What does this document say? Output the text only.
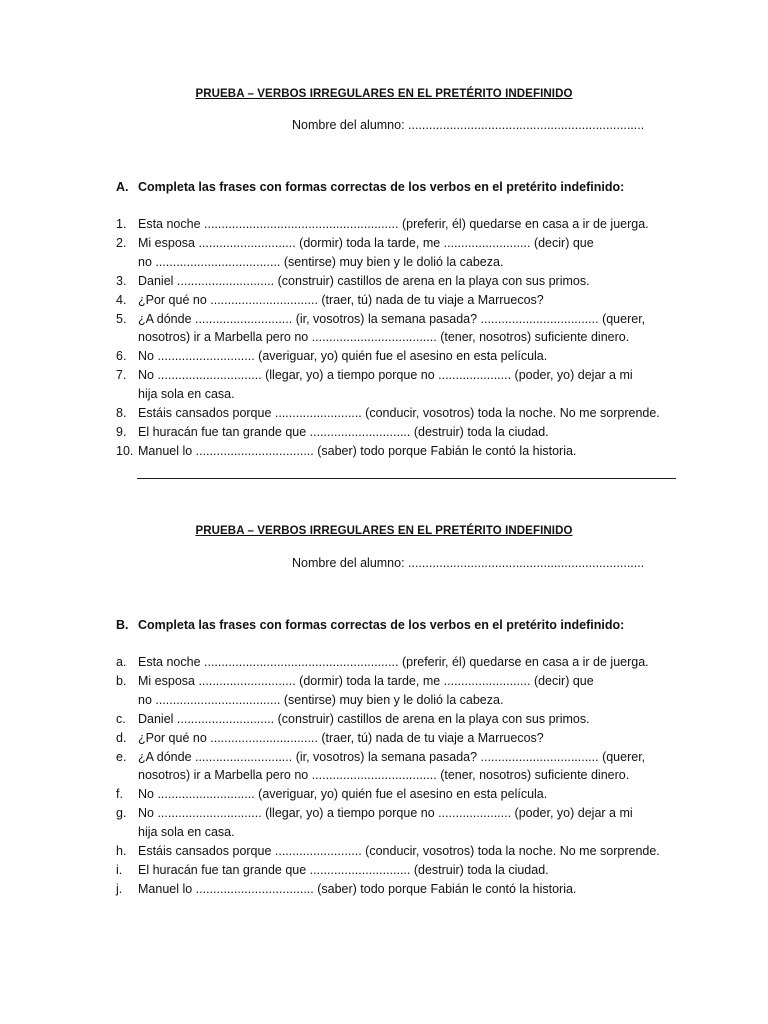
PRUEBA – VERBOS IRREGULARES EN EL PRETÉRITO INDEFINIDO
Nombre del alumno: ....................................................................
A. Completa las frases con formas correctas de los verbos en el pretérito indefinido:
1. Esta noche ........................................................ (preferir, él) quedarse en casa a ir de juerga.
2. Mi esposa ............................ (dormir) toda la tarde, me ......................... (decir) que
no .................................... (sentirse) muy bien y le dolió la cabeza.
3. Daniel ............................ (construir) castillos de arena en la playa con sus primos.
4. ¿Por qué no ............................... (traer, tú) nada de tu viaje a Marruecos?
5. ¿A dónde ............................ (ir, vosotros) la semana pasada? .................................. (querer,
nosotros) ir a Marbella pero no .................................... (tener, nosotros) suficiente dinero.
6. No ............................ (averiguar, yo) quién fue el asesino en esta película.
7. No .............................. (llegar, yo) a tiempo porque no ..................... (poder, yo) dejar a mi
hija sola en casa.
8. Estáis cansados porque ......................... (conducir, vosotros) toda la noche. No me sorprende.
9. El huracán fue tan grande que ............................. (destruir) toda la ciudad.
10. Manuel lo .................................. (saber) todo porque Fabián le contó la historia.
PRUEBA – VERBOS IRREGULARES EN EL PRETÉRITO INDEFINIDO
Nombre del alumno: ....................................................................
B. Completa las frases con formas correctas de los verbos en el pretérito indefinido:
a. Esta noche ........................................................ (preferir, él) quedarse en casa a ir de juerga.
b. Mi esposa ............................ (dormir) toda la tarde, me ......................... (decir) que
no .................................... (sentirse) muy bien y le dolió la cabeza.
c. Daniel ............................ (construir) castillos de arena en la playa con sus primos.
d. ¿Por qué no ............................... (traer, tú) nada de tu viaje a Marruecos?
e. ¿A dónde ............................ (ir, vosotros) la semana pasada? .................................. (querer,
nosotros) ir a Marbella pero no .................................... (tener, nosotros) suficiente dinero.
f.	No ............................ (averiguar, yo) quién fue el asesino en esta película.
g. No .............................. (llegar, yo) a tiempo porque no ..................... (poder, yo) dejar a mi
hija sola en casa.
h. Estáis cansados porque ......................... (conducir, vosotros) toda la noche. No me sorprende.
i.	El huracán fue tan grande que ............................. (destruir) toda la ciudad.
j.	Manuel lo .................................. (saber) todo porque Fabián le contó la historia.
